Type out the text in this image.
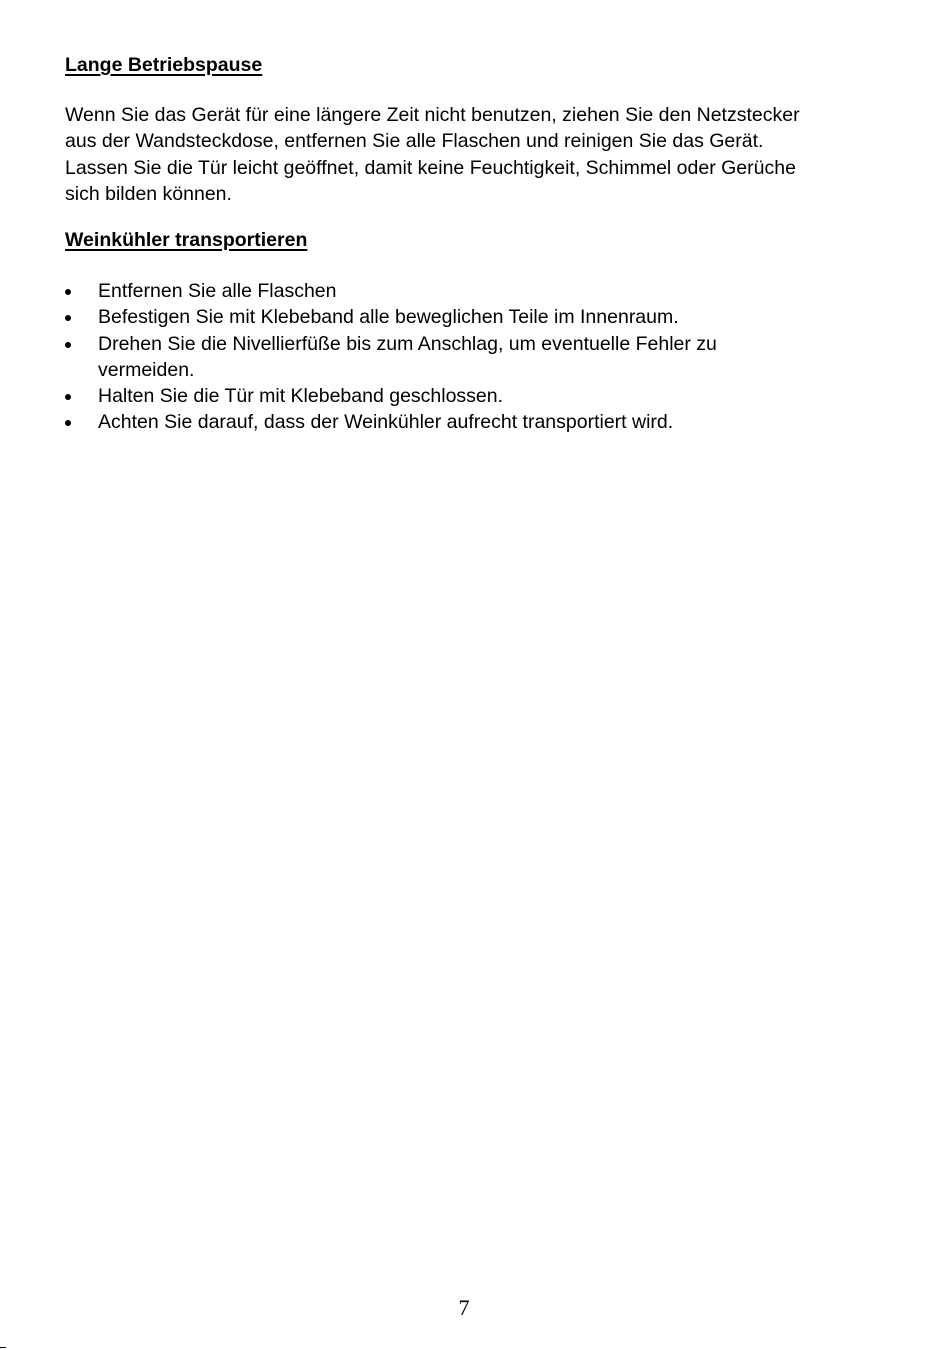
Lange Betriebspause

Wenn Sie das Gerät für eine längere Zeit nicht benutzen, ziehen Sie den Netzstecker
aus der Wandsteckdose, entfernen Sie alle Flaschen und reinigen Sie das Gerät.
Lassen Sie die Tür leicht geöffnet, damit keine Feuchtigkeit, Schimmel oder Gerüche
sich bilden können.

Weinkühler transportieren
Entfernen Sie alle Flaschen
Befestigen Sie mit Klebeband alle beweglichen Teile im Innenraum.
Drehen Sie die Nivellierfüße bis zum Anschlag, um eventuelle Fehler zu
vermeiden.
Halten Sie die Tür mit Klebeband geschlossen.
Achten Sie darauf, dass der Weinkühler aufrecht transportiert wird.
7
